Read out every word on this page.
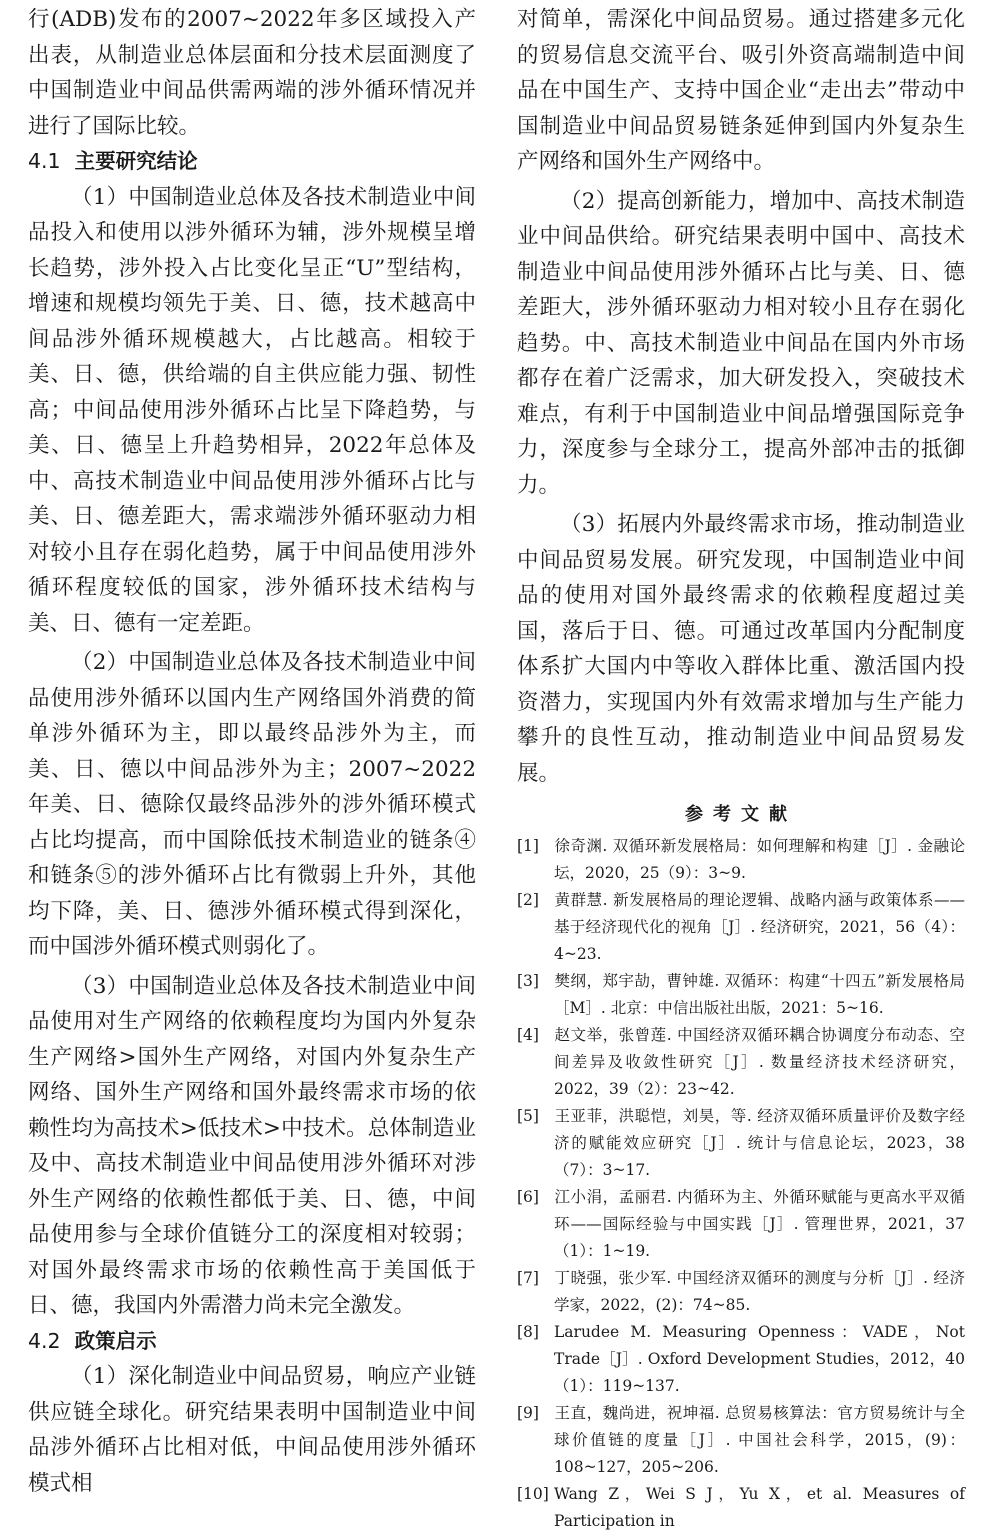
行(ADB)发布的2007~2022年多区域投入产出表，从制造业总体层面和分技术层面测度了中国制造业中间品供需两端的涉外循环情况并进行了国际比较。

4.1 主要研究结论

（1）中国制造业总体及各技术制造业中间品投入和使用以涉外循环为辅，涉外规模呈增长趋势，涉外投入占比变化呈正“U”型结构，增速和规模均领先于美、日、德，技术越高中间品涉外循环规模越大，占比越高。相较于美、日、德，供给端的自主供应能力强、韧性高；中间品使用涉外循环占比呈下降趋势，与美、日、德呈上升趋势相异，2022年总体及中、高技术制造业中间品使用涉外循环占比与美、日、德差距大，需求端涉外循环驱动力相对较小且存在弱化趋势，属于中间品使用涉外循环程度较低的国家，涉外循环技术结构与美、日、德有一定差距。

（2）中国制造业总体及各技术制造业中间品使用涉外循环以国内生产网络国外消费的简单涉外循环为主，即以最终品涉外为主，而美、日、德以中间品涉外为主；2007~2022年美、日、德除仅最终品涉外的涉外循环模式占比均提高，而中国除低技术制造业的链条④和链条⑤的涉外循环占比有微弱上升外，其他均下降，美、日、德涉外循环模式得到深化，而中国涉外循环模式则弱化了。

（3）中国制造业总体及各技术制造业中间品使用对生产网络的依赖程度均为国内外复杂生产网络>国外生产网络，对国内外复杂生产网络、国外生产网络和国外最终需求市场的依赖性均为高技术>低技术>中技术。总体制造业及中、高技术制造业中间品使用涉外循环对涉外生产网络的依赖性都低于美、日、德，中间品使用参与全球价值链分工的深度相对较弱；对国外最终需求市场的依赖性高于美国低于日、德，我国内外需潜力尚未完全激发。

4.2 政策启示

（1）深化制造业中间品贸易，响应产业链供应链全球化。研究结果表明中国制造业中间品涉外循环占比相对低，中间品使用涉外循环模式相

对简单，需深化中间品贸易。通过搭建多元化的贸易信息交流平台、吸引外资高端制造中间品在中国生产、支持中国企业“走出去”带动中国制造业中间品贸易链条延伸到国内外复杂生产网络和国外生产网络中。

（2）提高创新能力，增加中、高技术制造业中间品供给。研究结果表明中国中、高技术制造业中间品使用涉外循环占比与美、日、德差距大，涉外循环驱动力相对较小且存在弱化趋势。中、高技术制造业中间品在国内外市场都存在着广泛需求，加大研发投入，突破技术难点，有利于中国制造业中间品增强国际竞争力，深度参与全球分工，提高外部冲击的抵御力。

（3）拓展内外最终需求市场，推动制造业中间品贸易发展。研究发现，中国制造业中间品的使用对国外最终需求的依赖程度超过美国，落后于日、德。可通过改革国内分配制度体系扩大国内中等收入群体比重、激活国内投资潜力，实现国内外有效需求增加与生产能力攀升的良性互动，推动制造业中间品贸易发展。

参考文献

[1] 徐奇渊. 双循环新发展格局：如何理解和构建［J］. 金融论坛，2020，25（9）：3~9.

[2] 黄群慧. 新发展格局的理论逻辑、战略内涵与政策体系——基于经济现代化的视角［J］. 经济研究，2021，56（4）：4~23.

[3] 樊纲，郑宇劼，曹钟雄. 双循环：构建“十四五”新发展格局［M］. 北京：中信出版社出版，2021：5~16.

[4] 赵文举，张曾莲. 中国经济双循环耦合协调度分布动态、空间差异及收敛性研究［J］. 数量经济技术经济研究，2022，39（2）：23~42.

[5] 王亚菲，洪聪恺，刘昊，等. 经济双循环质量评价及数字经济的赋能效应研究［J］. 统计与信息论坛，2023，38（7）：3~17.

[6] 江小涓，孟丽君. 内循环为主、外循环赋能与更高水平双循环——国际经验与中国实践［J］. 管理世界，2021，37（1）：1~19.

[7] 丁晓强，张少军. 中国经济双循环的测度与分析［J］. 经济学家，2022，(2)：74~85.

[8] Larudee M. Measuring Openness：VADE，Not Trade［J］. Oxford Development Studies，2012，40（1）：119~137.

[9] 王直，魏尚进，祝坤福. 总贸易核算法：官方贸易统计与全球价值链的度量［J］. 中国社会科学，2015，(9)：108~127，205~206.

[10] Wang Z，Wei S J，Yu X，et al. Measures of Participation in
